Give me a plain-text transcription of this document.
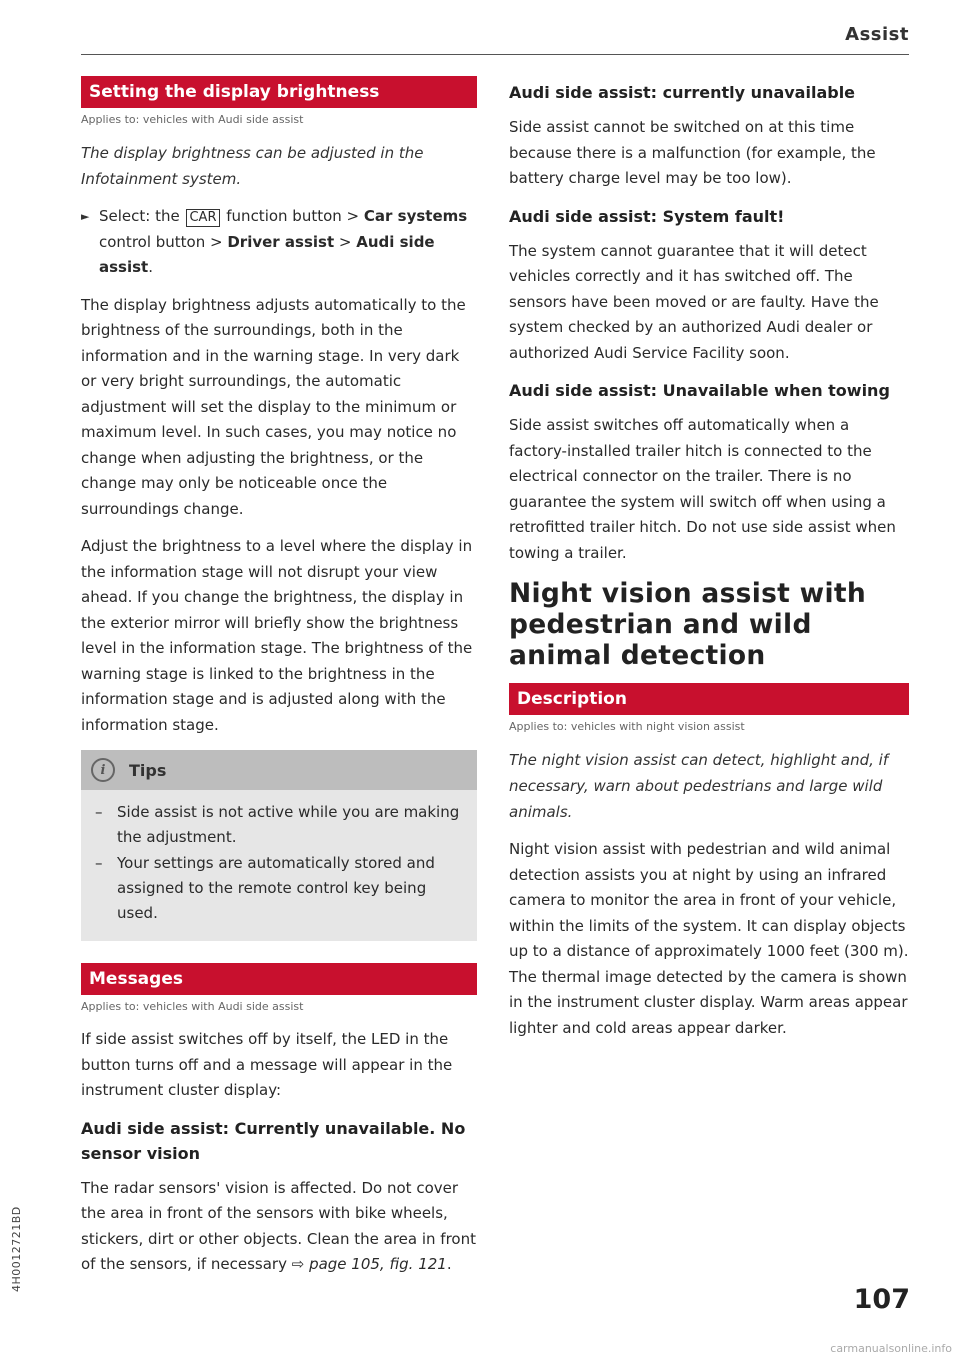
Assist
Setting the display brightness
Applies to: vehicles with Audi side assist

The display brightness can be adjusted in the Infotainment system.

► Select: the CAR function button > Car systems control button > Driver assist > Audi side assist.

The display brightness adjusts automatically to the brightness of the surroundings, both in the information and in the warning stage. In very dark or very bright surroundings, the automatic adjustment will set the display to the minimum or maximum level. In such cases, you may notice no change when adjusting the brightness, or the change may only be noticeable once the surroundings change.

Adjust the brightness to a level where the display in the information stage will not disrupt your view ahead. If you change the brightness, the display in the exterior mirror will briefly show the brightness level in the information stage. The brightness of the warning stage is linked to the brightness in the information stage and is adjusted along with the information stage.

i	Tips
– Side assist is not active while you are making the adjustment.
– Your settings are automatically stored and assigned to the remote control key being used.
Messages
Applies to: vehicles with Audi side assist

If side assist switches off by itself, the LED in the button turns off and a message will appear in the instrument cluster display:

Audi side assist: Currently unavailable. No sensor vision

The radar sensors' vision is affected. Do not cover the area in front of the sensors with bike wheels, stickers, dirt or other objects. Clean the area in front of the sensors, if necessary ⇨ page 105, fig. 121.

Audi side assist: currently unavailable

Side assist cannot be switched on at this time because there is a malfunction (for example, the battery charge level may be too low).

Audi side assist: System fault!

The system cannot guarantee that it will detect vehicles correctly and it has switched off. The sensors have been moved or are faulty. Have the system checked by an authorized Audi dealer or authorized Audi Service Facility soon.

Audi side assist: Unavailable when towing

Side assist switches off automatically when a factory-installed trailer hitch is connected to the electrical connector on the trailer. There is no guarantee the system will switch off when using a retrofitted trailer hitch. Do not use side assist when towing a trailer.

Night vision assist with pedestrian and wild animal detection
Description
Applies to: vehicles with night vision assist

The night vision assist can detect, highlight and, if necessary, warn about pedestrians and large wild animals.

Night vision assist with pedestrian and wild animal detection assists you at night by using an infrared camera to monitor the area in front of your vehicle, within the limits of the system. It can display objects up to a distance of approximately 1000 feet (300 m). The thermal image detected by the camera is shown in the instrument cluster display. Warm areas appear lighter and cold areas appear darker.

4H0012721BD
107
carmanualsonline.info
